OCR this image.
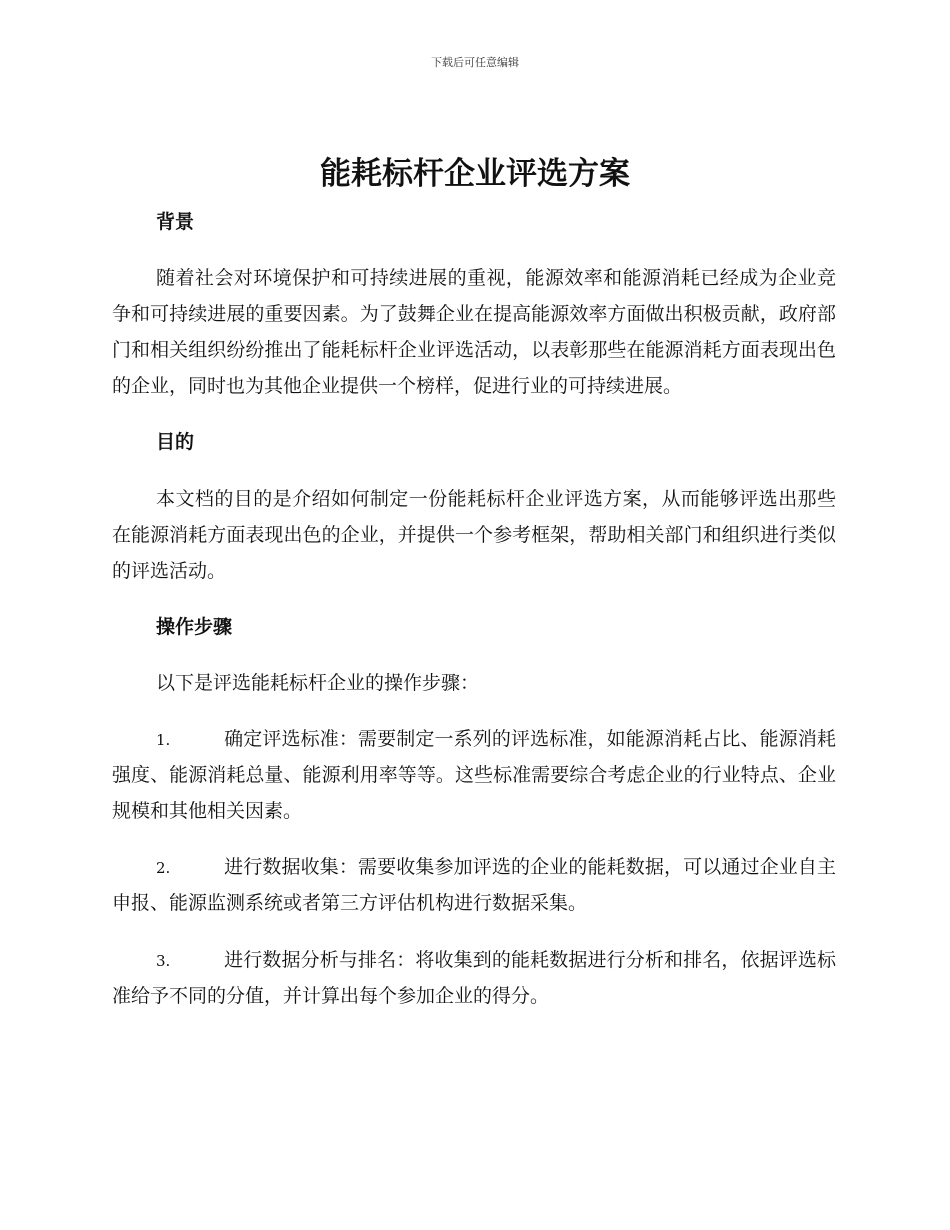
下载后可任意编辑
能耗标杆企业评选方案
背景

随着社会对环境保护和可持续进展的重视，能源效率和能源消耗已经成为企业竞争和可持续进展的重要因素。为了鼓舞企业在提高能源效率方面做出积极贡献，政府部门和相关组织纷纷推出了能耗标杆企业评选活动，以表彰那些在能源消耗方面表现出色的企业，同时也为其他企业提供一个榜样，促进行业的可持续进展。

目的

本文档的目的是介绍如何制定一份能耗标杆企业评选方案，从而能够评选出那些在能源消耗方面表现出色的企业，并提供一个参考框架，帮助相关部门和组织进行类似的评选活动。

操作步骤

以下是评选能耗标杆企业的操作步骤：

1.	确定评选标准：需要制定一系列的评选标准，如能源消耗占比、能源消耗强度、能源消耗总量、能源利用率等等。这些标准需要综合考虑企业的行业特点、企业规模和其他相关因素。

2.	进行数据收集：需要收集参加评选的企业的能耗数据，可以通过企业自主申报、能源监测系统或者第三方评估机构进行数据采集。

3.	进行数据分析与排名：将收集到的能耗数据进行分析和排名，依据评选标准给予不同的分值，并计算出每个参加企业的得分。
